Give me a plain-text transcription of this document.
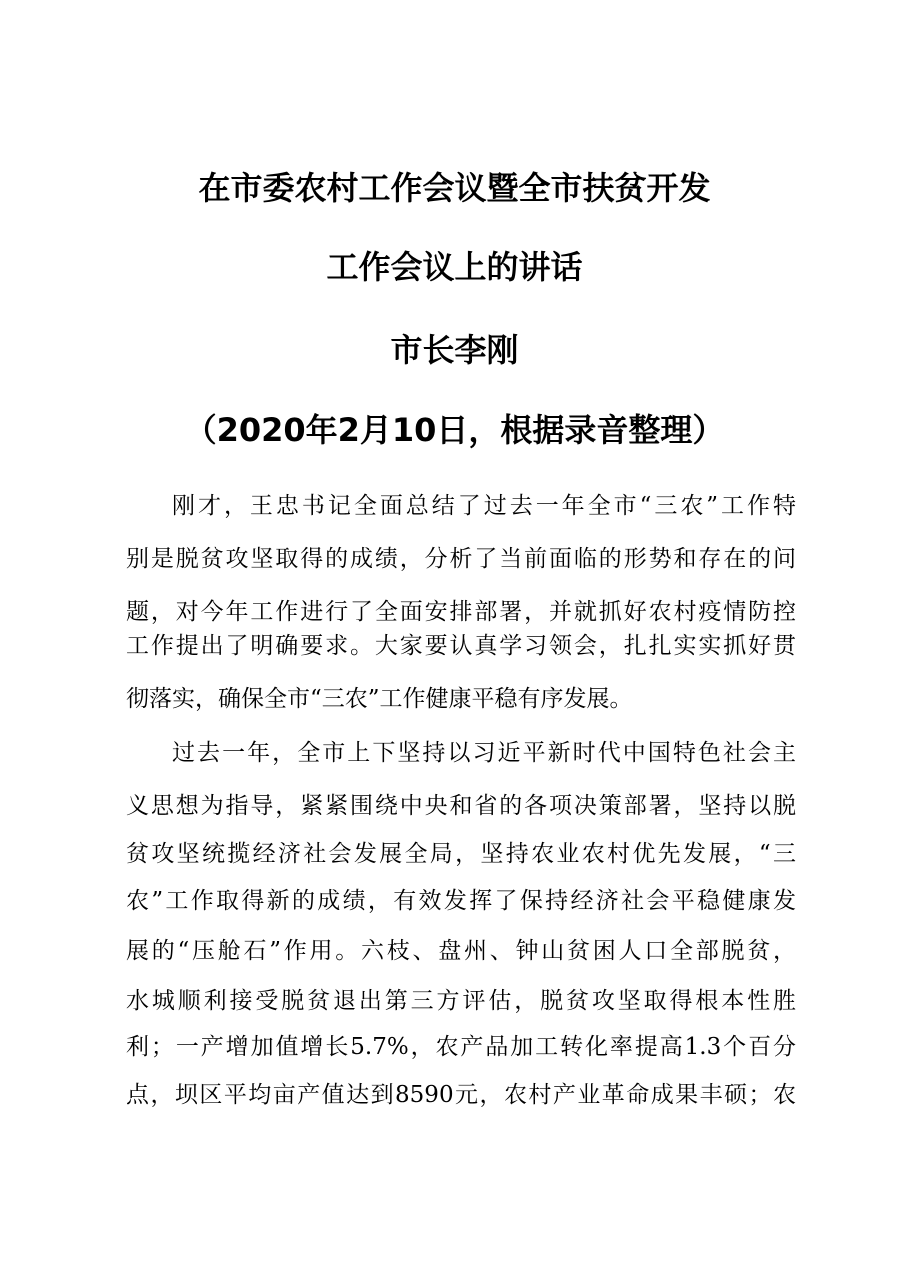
在市委农村工作会议暨全市扶贫开发
工作会议上的讲话
市长李刚
（2020年2月10日，根据录音整理）
刚才，王忠书记全面总结了过去一年全市“三农”工作特
别是脱贫攻坚取得的成绩，分析了当前面临的形势和存在的问
题，对今年工作进行了全面安排部署，并就抓好农村疫情防控
工作提出了明确要求。大家要认真学习领会，扎扎实实抓好贯
彻落实，确保全市“三农”工作健康平稳有序发展。
过去一年，全市上下坚持以习近平新时代中国特色社会主
义思想为指导，紧紧围绕中央和省的各项决策部署，坚持以脱
贫攻坚统揽经济社会发展全局，坚持农业农村优先发展，“三
农”工作取得新的成绩，有效发挥了保持经济社会平稳健康发
展的“压舱石”作用。六枝、盘州、钟山贫困人口全部脱贫，
水城顺利接受脱贫退出第三方评估，脱贫攻坚取得根本性胜
利；一产增加值增长5.7%，农产品加工转化率提高1.3个百分
点，坝区平均亩产值达到8590元，农村产业革命成果丰硕；农
